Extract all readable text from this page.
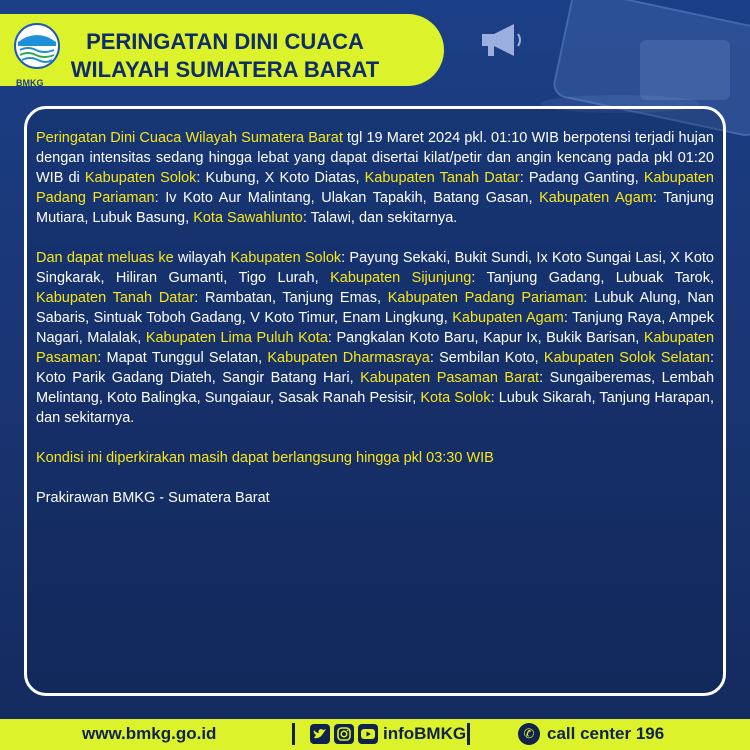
BMKG
PERINGATAN DINI CUACA
WILAYAH SUMATERA BARAT

Peringatan Dini Cuaca Wilayah Sumatera Barat tgl 19 Maret 2024 pkl. 01:10 WIB berpotensi terjadi hujan dengan intensitas sedang hingga lebat yang dapat disertai kilat/petir dan angin kencang pada pkl 01:20 WIB di Kabupaten Solok: Kubung, X Koto Diatas, Kabupaten Tanah Datar: Padang Ganting, Kabupaten Padang Pariaman: Iv Koto Aur Malintang, Ulakan Tapakih, Batang Gasan, Kabupaten Agam: Tanjung Mutiara, Lubuk Basung, Kota Sawahlunto: Talawi, dan sekitarnya.

Dan dapat meluas ke wilayah Kabupaten Solok: Payung Sekaki, Bukit Sundi, Ix Koto Sungai Lasi, X Koto Singkarak, Hiliran Gumanti, Tigo Lurah, Kabupaten Sijunjung: Tanjung Gadang, Lubuak Tarok, Kabupaten Tanah Datar: Rambatan, Tanjung Emas, Kabupaten Padang Pariaman: Lubuk Alung, Nan Sabaris, Sintuak Toboh Gadang, V Koto Timur, Enam Lingkung, Kabupaten Agam: Tanjung Raya, Ampek Nagari, Malalak, Kabupaten Lima Puluh Kota: Pangkalan Koto Baru, Kapur Ix, Bukik Barisan, Kabupaten Pasaman: Mapat Tunggul Selatan, Kabupaten Dharmasraya: Sembilan Koto, Kabupaten Solok Selatan: Koto Parik Gadang Diateh, Sangir Batang Hari, Kabupaten Pasaman Barat: Sungaiberemas, Lembah Melintang, Koto Balingka, Sungaiaur, Sasak Ranah Pesisir, Kota Solok: Lubuk Sikarah, Tanjung Harapan, dan sekitarnya.

Kondisi ini diperkirakan masih dapat berlangsung hingga pkl 03:30 WIB

Prakirawan BMKG - Sumatera Barat

www.bmkg.go.id	infoBMKG	✆ call center 196
